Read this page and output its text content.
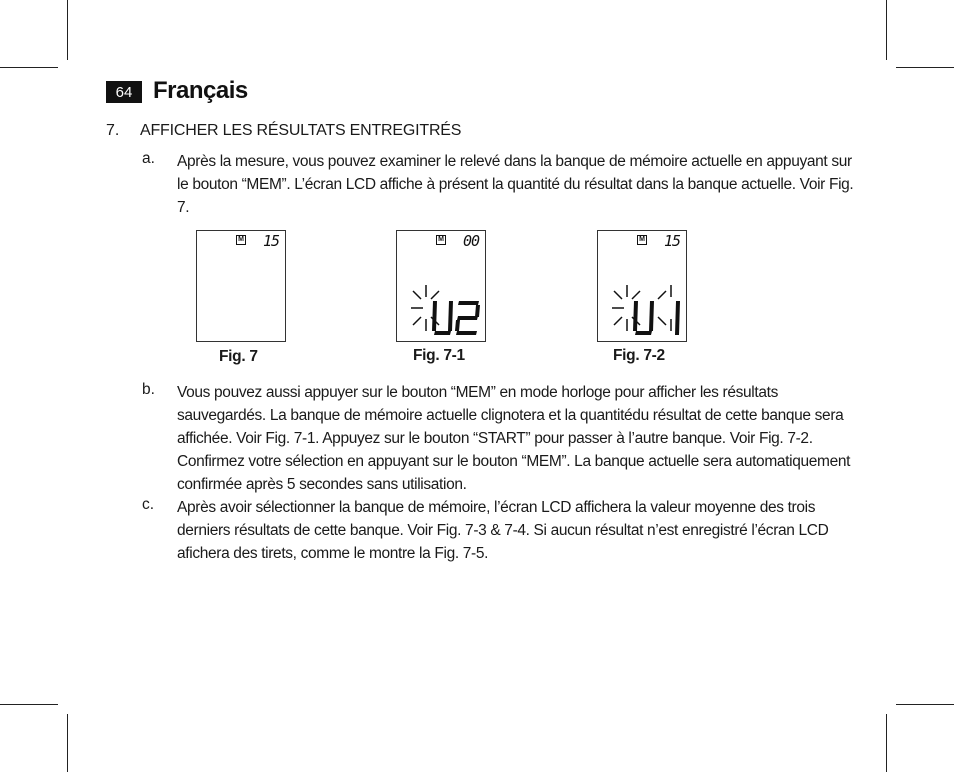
64 Français
7. AFFICHER LES RÉSULTATS ENTREGITRÉS
a. Après la mesure, vous pouvez examiner le relevé dans la banque de mémoire actuelle en appuyant sur le bouton “MEM”. L’écran LCD affiche à présent la quantité du résultat dans la banque actuelle. Voir Fig. 7.
M 15
Fig. 7
M 00
Fig. 7-1
M 15
Fig. 7-2
b. Vous pouvez aussi appuyer sur le bouton “MEM” en mode horloge pour afficher les résultats sauvegardés. La banque de mémoire actuelle clignotera et la quantitédu résultat de cette banque sera affichée. Voir Fig. 7-1. Appuyez sur le bouton “START” pour passer à l’autre banque. Voir Fig. 7-2. Confirmez votre sélection en appuyant sur le bouton “MEM”. La banque actuelle sera automatiquement confirmée après 5 secondes sans utilisation.
c. Après avoir sélectionner la banque de mémoire, l’écran LCD affichera la valeur moyenne des trois derniers résultats de cette banque. Voir Fig. 7-3 & 7-4. Si aucun résultat n’est enregistré l’écran LCD afichera des tirets, comme le montre la Fig. 7-5.
